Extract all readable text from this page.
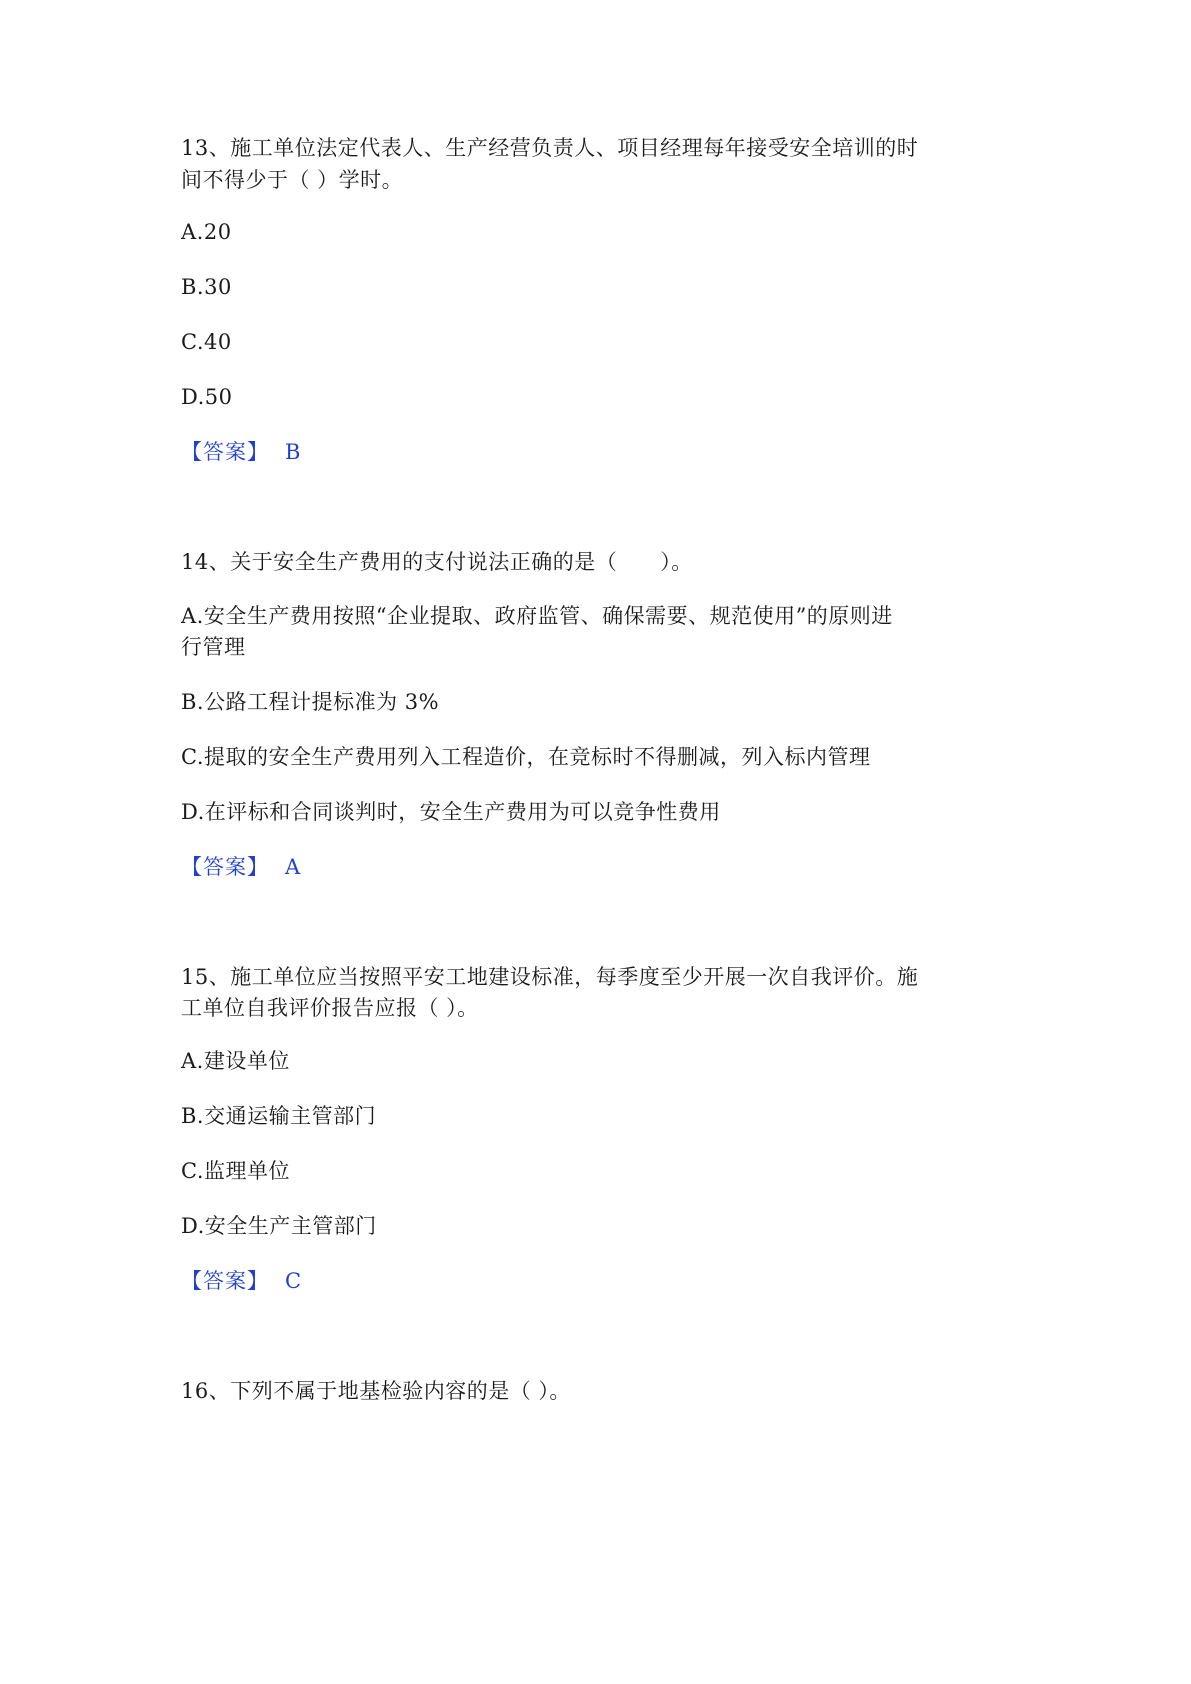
13、施工单位法定代表人、生产经营负责人、项目经理每年接受安全培训的时
间不得少于（ ）学时。
A.20
B.30
C.40
D.50
【答案】 B
14、关于安全生产费用的支付说法正确的是（　　）。
A.安全生产费用按照“企业提取、政府监管、确保需要、规范使用”的原则进
行管理
B.公路工程计提标准为 3%
C.提取的安全生产费用列入工程造价，在竞标时不得删减，列入标内管理
D.在评标和合同谈判时，安全生产费用为可以竞争性费用
【答案】 A
15、施工单位应当按照平安工地建设标准，每季度至少开展一次自我评价。施
工单位自我评价报告应报（ ）。
A.建设单位
B.交通运输主管部门
C.监理单位
D.安全生产主管部门
【答案】 C
16、下列不属于地基检验内容的是（ ）。
